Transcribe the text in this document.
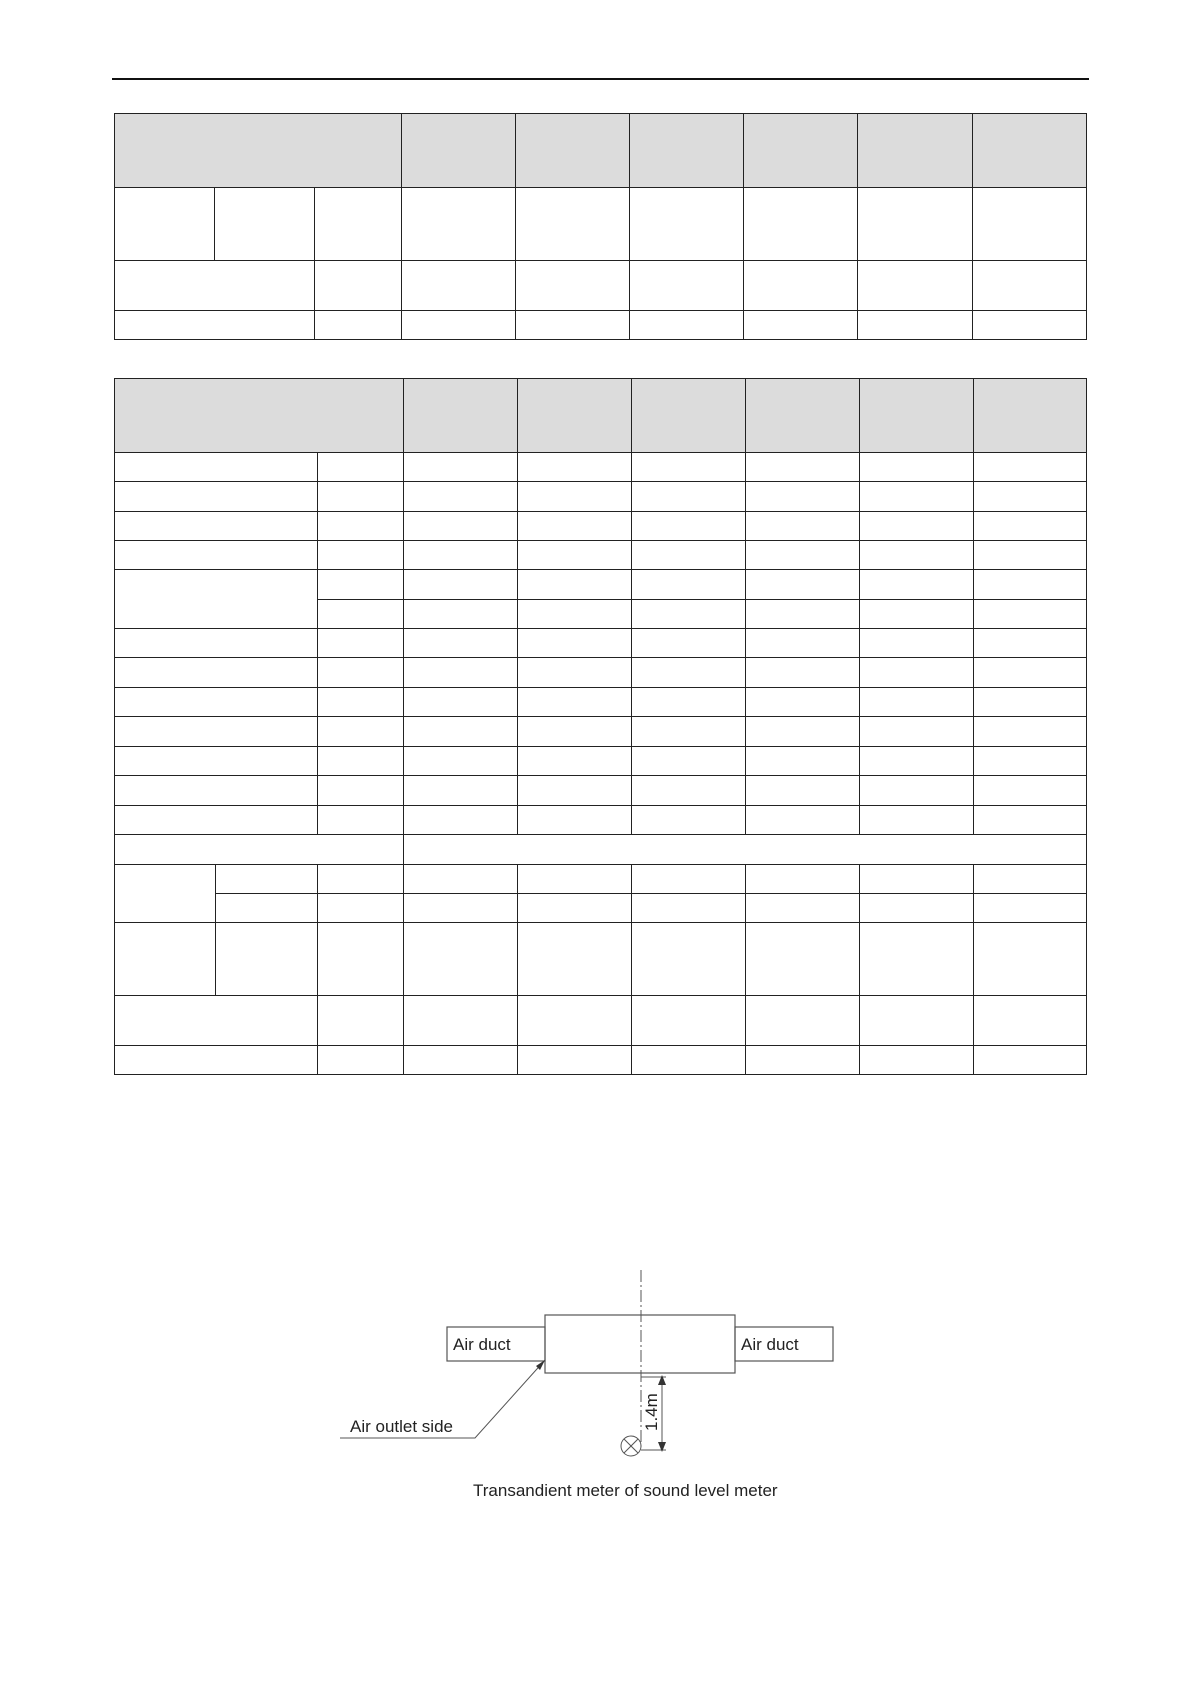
Air duct	Air duct
Air outlet side	1.4m
Transandient meter of sound level meter
